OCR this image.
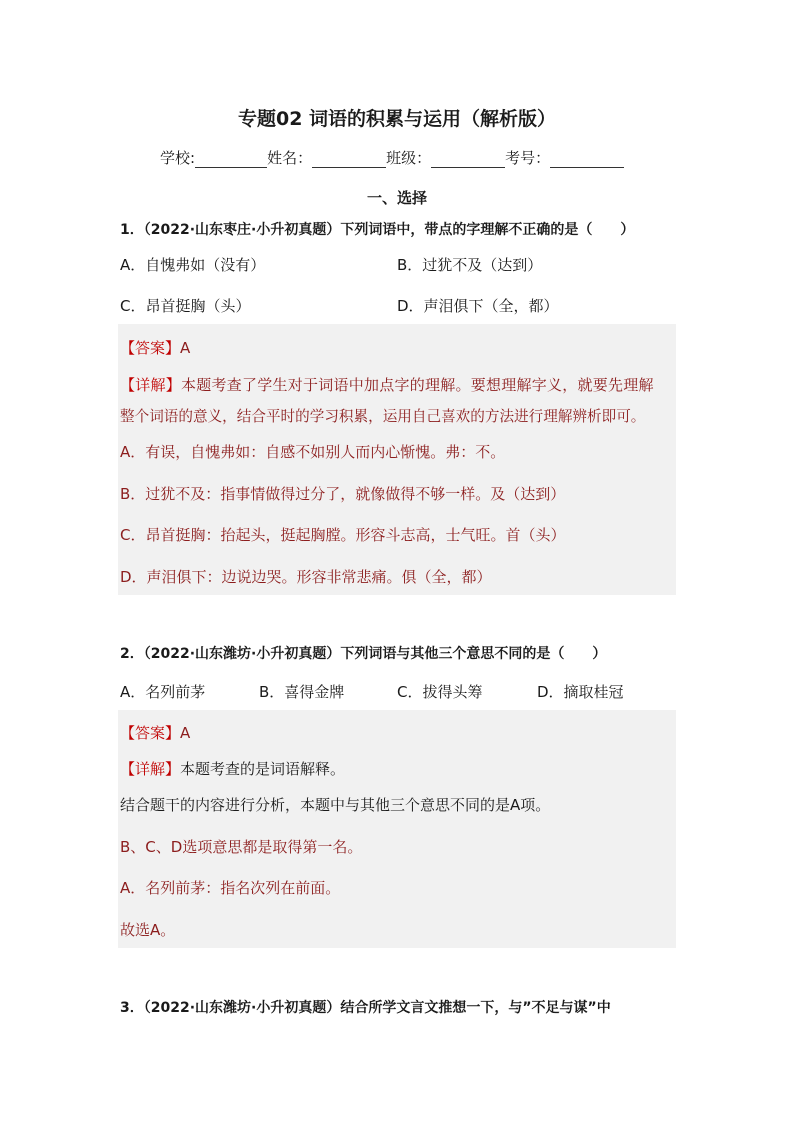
专题02 词语的积累与运用（解析版）
学校:	姓名：	班级：	考号：
一、选择
1．（2022·山东枣庄·小升初真题）下列词语中，带点的字理解不正确的是（　　）
A．自愧弗如（没有）	B．过犹不及（达到）
C．昂首挺胸（头）	D．声泪俱下（全，都）
【答案】A
【详解】本题考查了学生对于词语中加点字的理解。要想理解字义，就要先理解
整个词语的意义，结合平时的学习积累，运用自己喜欢的方法进行理解辨析即可。
A．有误，自愧弗如：自感不如别人而内心惭愧。弗：不。
B．过犹不及：指事情做得过分了，就像做得不够一样。及（达到）
C．昂首挺胸：抬起头，挺起胸膛。形容斗志高，士气旺。首（头）
D．声泪俱下：边说边哭。形容非常悲痛。俱（全，都）
2．（2022·山东潍坊·小升初真题）下列词语与其他三个意思不同的是（　　）
A．名列前茅	B．喜得金牌	C．拔得头筹	D．摘取桂冠
【答案】A
【详解】本题考查的是词语解释。
结合题干的内容进行分析，本题中与其他三个意思不同的是A项。
B、C、D选项意思都是取得第一名。
A．名列前茅：指名次列在前面。
故选A。
3．（2022·山东潍坊·小升初真题）结合所学文言文推想一下，与”不足与谋”中
